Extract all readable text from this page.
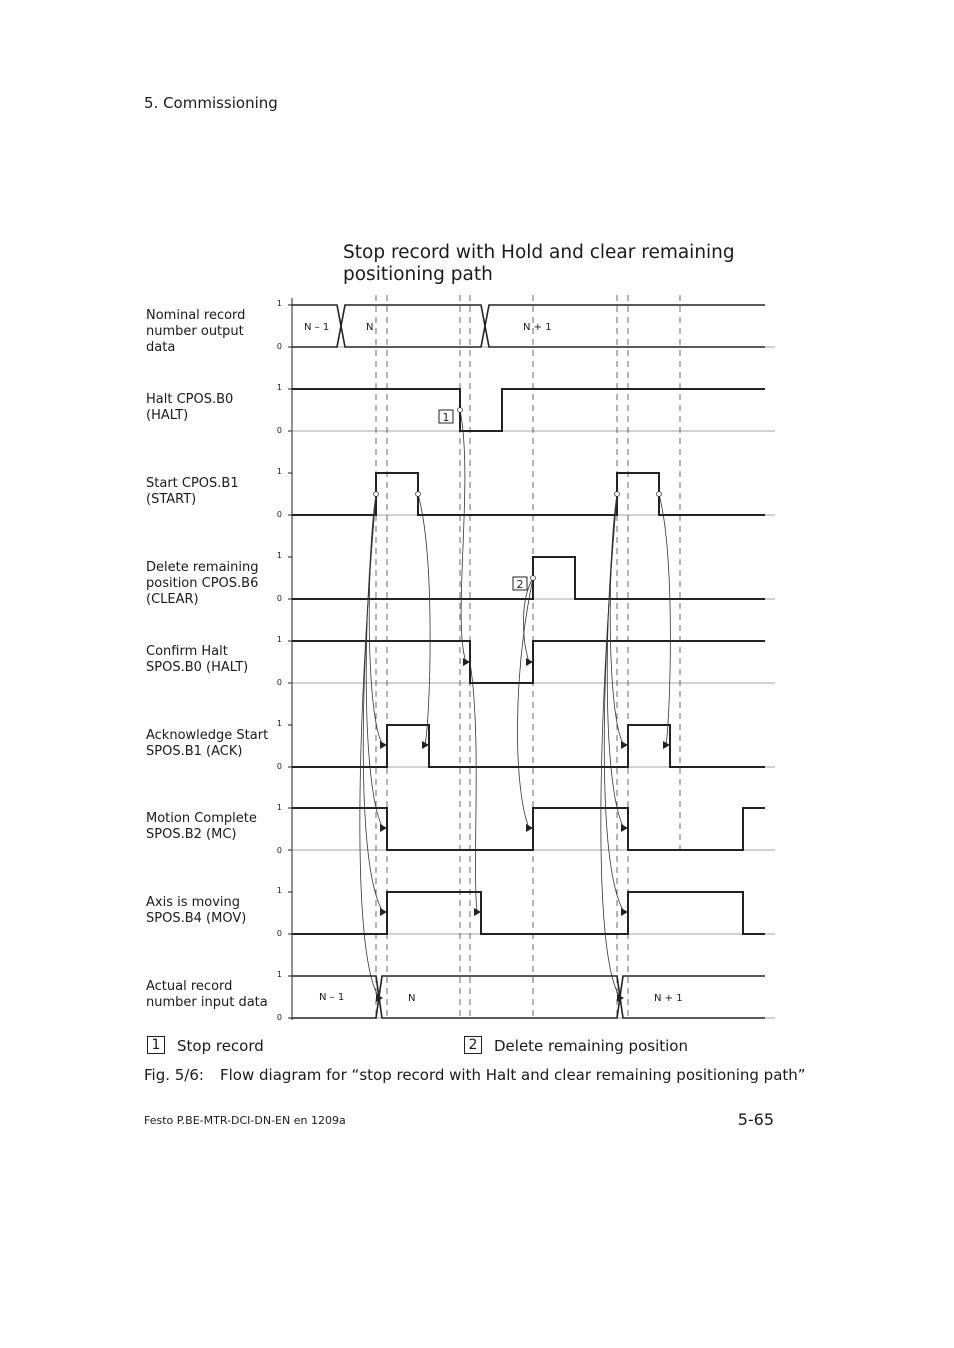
5. Commissioning
Stop record with Hold and clear remaining positioning path
Nominal record number output data
Halt CPOS.B0 (HALT)
Start CPOS.B1 (START)
Delete remaining position CPOS.B6 (CLEAR)
Confirm Halt SPOS.B0 (HALT)
Acknowledge Start SPOS.B1 (ACK)
Motion Complete SPOS.B2 (MC)
Axis is moving SPOS.B4 (MOV)
Actual record number input data
1
0
1
0
1
0
1
0
1
0
1
0
1
0
1
0
1
0
N – 1	N	N + 1
N – 1	N	N + 1
1
2
1	Stop record	2	Delete remaining position
Fig. 5/6: Flow diagram for “stop record with Halt and clear remaining positioning path”
Festo P.BE-MTR-DCI-DN-EN en 1209a	5-65
